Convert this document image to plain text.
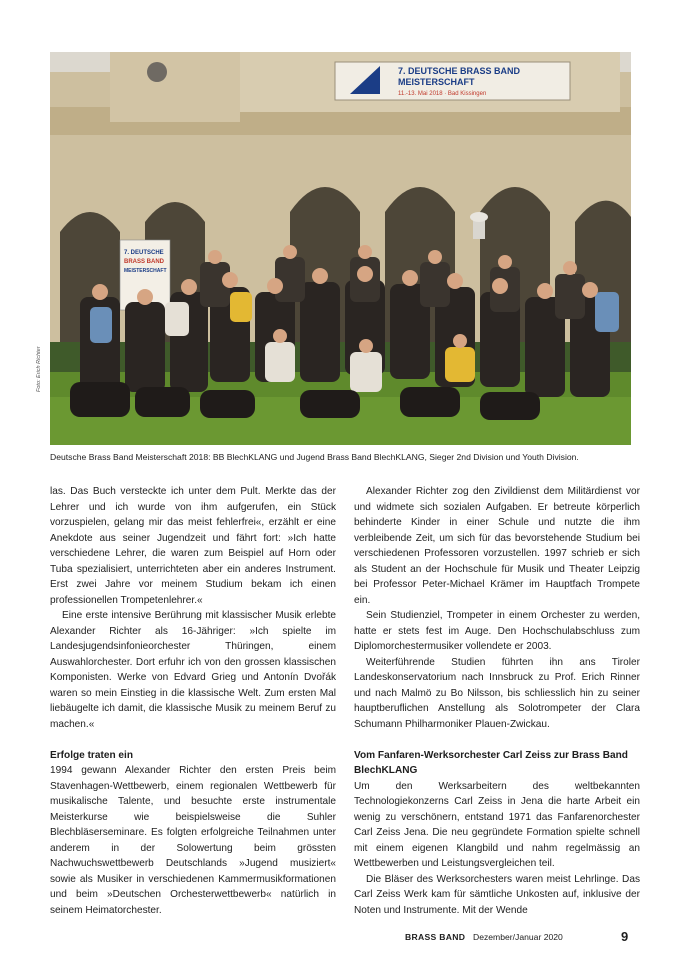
7. DEUTSCHE BRASS BAND
MEISTERSCHAFT
11.-13. Mai 2018 · Bad Kissingen
7. DEUTSCHE
BRASS BAND
MEISTERSCHAFT
Foto: Erich Richter
Deutsche Brass Band Meisterschaft 2018: BB BlechKLANG und Jugend Brass Band BlechKLANG, Sieger 2nd Division und Youth Division.

las. Das Buch versteckte ich unter dem Pult. Merkte das der Lehrer und ich wurde von ihm aufgerufen, ein Stück vorzuspielen, gelang mir das meist fehlerfrei«, erzählt er eine Anekdote aus seiner Jugendzeit und fährt fort: »Ich hatte verschiedene Lehrer, die waren zum Beispiel auf Horn oder Tuba spezialisiert, unterrichteten aber ein anderes Instrument. Erst zwei Jahre vor meinem Studium bekam ich einen professionellen Trompetenlehrer.«

Eine erste intensive Berührung mit klassischer Musik erlebte Alexander Richter als 16-Jähriger: »Ich spielte im Landesjugendsinfonieorchester Thüringen, einem Auswahlorchester. Dort erfuhr ich von den grossen klassischen Komponisten. Werke von Edvard Grieg und Antonín Dvořák waren so mein Einstieg in die klassische Welt. Zum ersten Mal liebäugelte ich damit, die klassische Musik zu meinem Beruf zu machen.«

Erfolge traten ein

1994 gewann Alexander Richter den ersten Preis beim Stavenhagen-Wettbewerb, einem regionalen Wettbewerb für musikalische Talente, und besuchte erste instrumentale Meisterkurse wie beispielsweise die Suhler Blechbläserseminare. Es folgten erfolgreiche Teilnahmen unter anderem in der Solowertung beim grössten Nachwuchswettbewerb Deutschlands »Jugend musiziert« sowie als Musiker in verschiedenen Kammermusikformationen und beim »Deutschen Orchesterwettbewerb« natürlich in seinem Heimatorchester.

Alexander Richter zog den Zivildienst dem Militärdienst vor und widmete sich sozialen Aufgaben. Er betreute körperlich behinderte Kinder in einer Schule und nutzte die ihm verbleibende Zeit, um sich für das bevorstehende Studium bei verschiedenen Professoren vorzustellen. 1997 schrieb er sich als Student an der Hochschule für Musik und Theater Leipzig bei Professor Peter-Michael Krämer im Hauptfach Trompete ein.

Sein Studienziel, Trompeter in einem Orchester zu werden, hatte er stets fest im Auge. Den Hochschulabschluss zum Diplomorchestermusiker vollendete er 2003.

Weiterführende Studien führten ihn ans Tiroler Landeskonservatorium nach Innsbruck zu Prof. Erich Rinner und nach Malmö zu Bo Nilsson, bis schliesslich hin zu seiner hauptberuflichen Anstellung als Solotrompeter der Clara Schumann Philharmoniker Plauen-Zwickau.

Vom Fanfaren-Werksorchester Carl Zeiss zur Brass Band BlechKLANG

Um den Werksarbeitern des weltbekannten Technologiekonzerns Carl Zeiss in Jena die harte Arbeit ein wenig zu verschönern, entstand 1971 das Fanfarenorchester Carl Zeiss Jena. Die neu gegründete Formation spielte schnell mit einem eigenen Klangbild und nahm regelmässig an Wettbewerben und Leistungsvergleichen teil.

Die Bläser des Werksorchesters waren meist Lehrlinge. Das Carl Zeiss Werk kam für sämtliche Unkosten auf, inklusive der Noten und Instrumente. Mit der Wende

BRASS BAND Dezember/Januar 2020	9
